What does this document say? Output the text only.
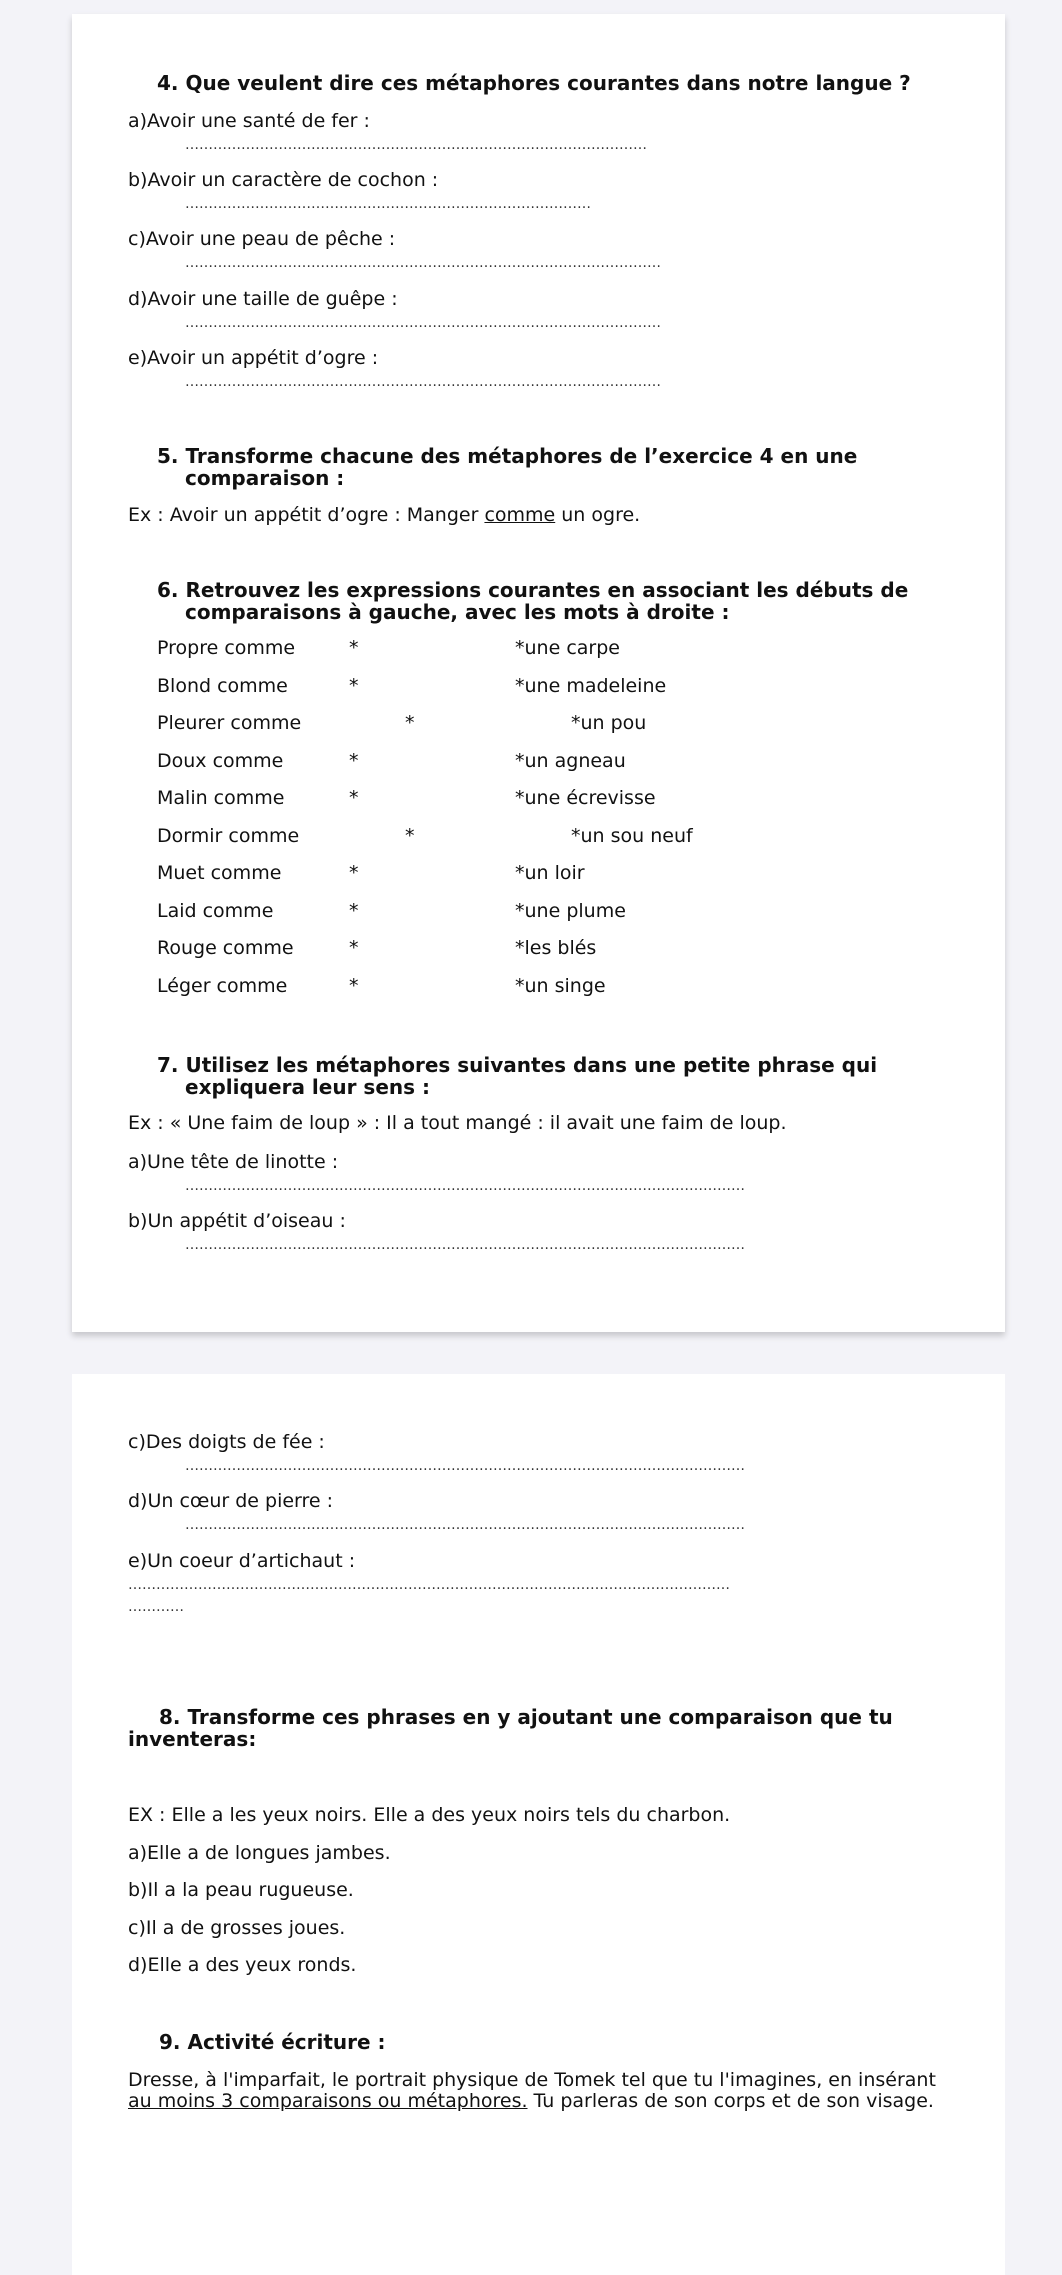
4. Que veulent dire ces métaphores courantes dans notre langue ?
a)Avoir une santé de fer :
………………………………………………………………………………………
b)Avoir un caractère de cochon :
……………………………………………………………………………
c)Avoir une peau de pêche :
…………………………………………………………………………………………
d)Avoir une taille de guêpe :
…………………………………………………………………………………………
e)Avoir un appétit d’ogre :
…………………………………………………………………………………………
5. Transforme chacune des métaphores de l’exercice 4 en une
comparaison :
Ex : Avoir un appétit d’ogre : Manger comme un ogre.
6. Retrouvez les expressions courantes en associant les débuts de
comparaisons à gauche, avec les mots à droite :
Propre comme	*	*une carpe
Blond comme	*	*une madeleine
Pleurer comme	*	*un pou
Doux comme	*	*un agneau
Malin comme	*	*une écrevisse
Dormir comme	*	*un sou neuf
Muet comme	*	*un loir
Laid comme	*	*une plume
Rouge comme	*	*les blés
Léger comme	*	*un singe
7. Utilisez les métaphores suivantes dans une petite phrase qui
expliquera leur sens :
Ex : « Une faim de loup » : Il a tout mangé : il avait une faim de loup.
a)Une tête de linotte :
…………………………………………………………………………………………………………
b)Un appétit d’oiseau :
…………………………………………………………………………………………………………
c)Des doigts de fée :
…………………………………………………………………………………………………………
d)Un cœur de pierre :
…………………………………………………………………………………………………………
e)Un coeur d’artichaut :
…………………………………………………………………………………………………………………
…………
8. Transforme ces phrases en y ajoutant une comparaison que tu
inventeras:
EX : Elle a les yeux noirs. Elle a des yeux noirs tels du charbon.
a)Elle a de longues jambes.
b)Il a la peau rugueuse.
c)Il a de grosses joues.
d)Elle a des yeux ronds.
9. Activité écriture :
Dresse, à l'imparfait, le portrait physique de Tomek tel que tu l'imagines, en insérant
au moins 3 comparaisons ou métaphores. Tu parleras de son corps et de son visage.
